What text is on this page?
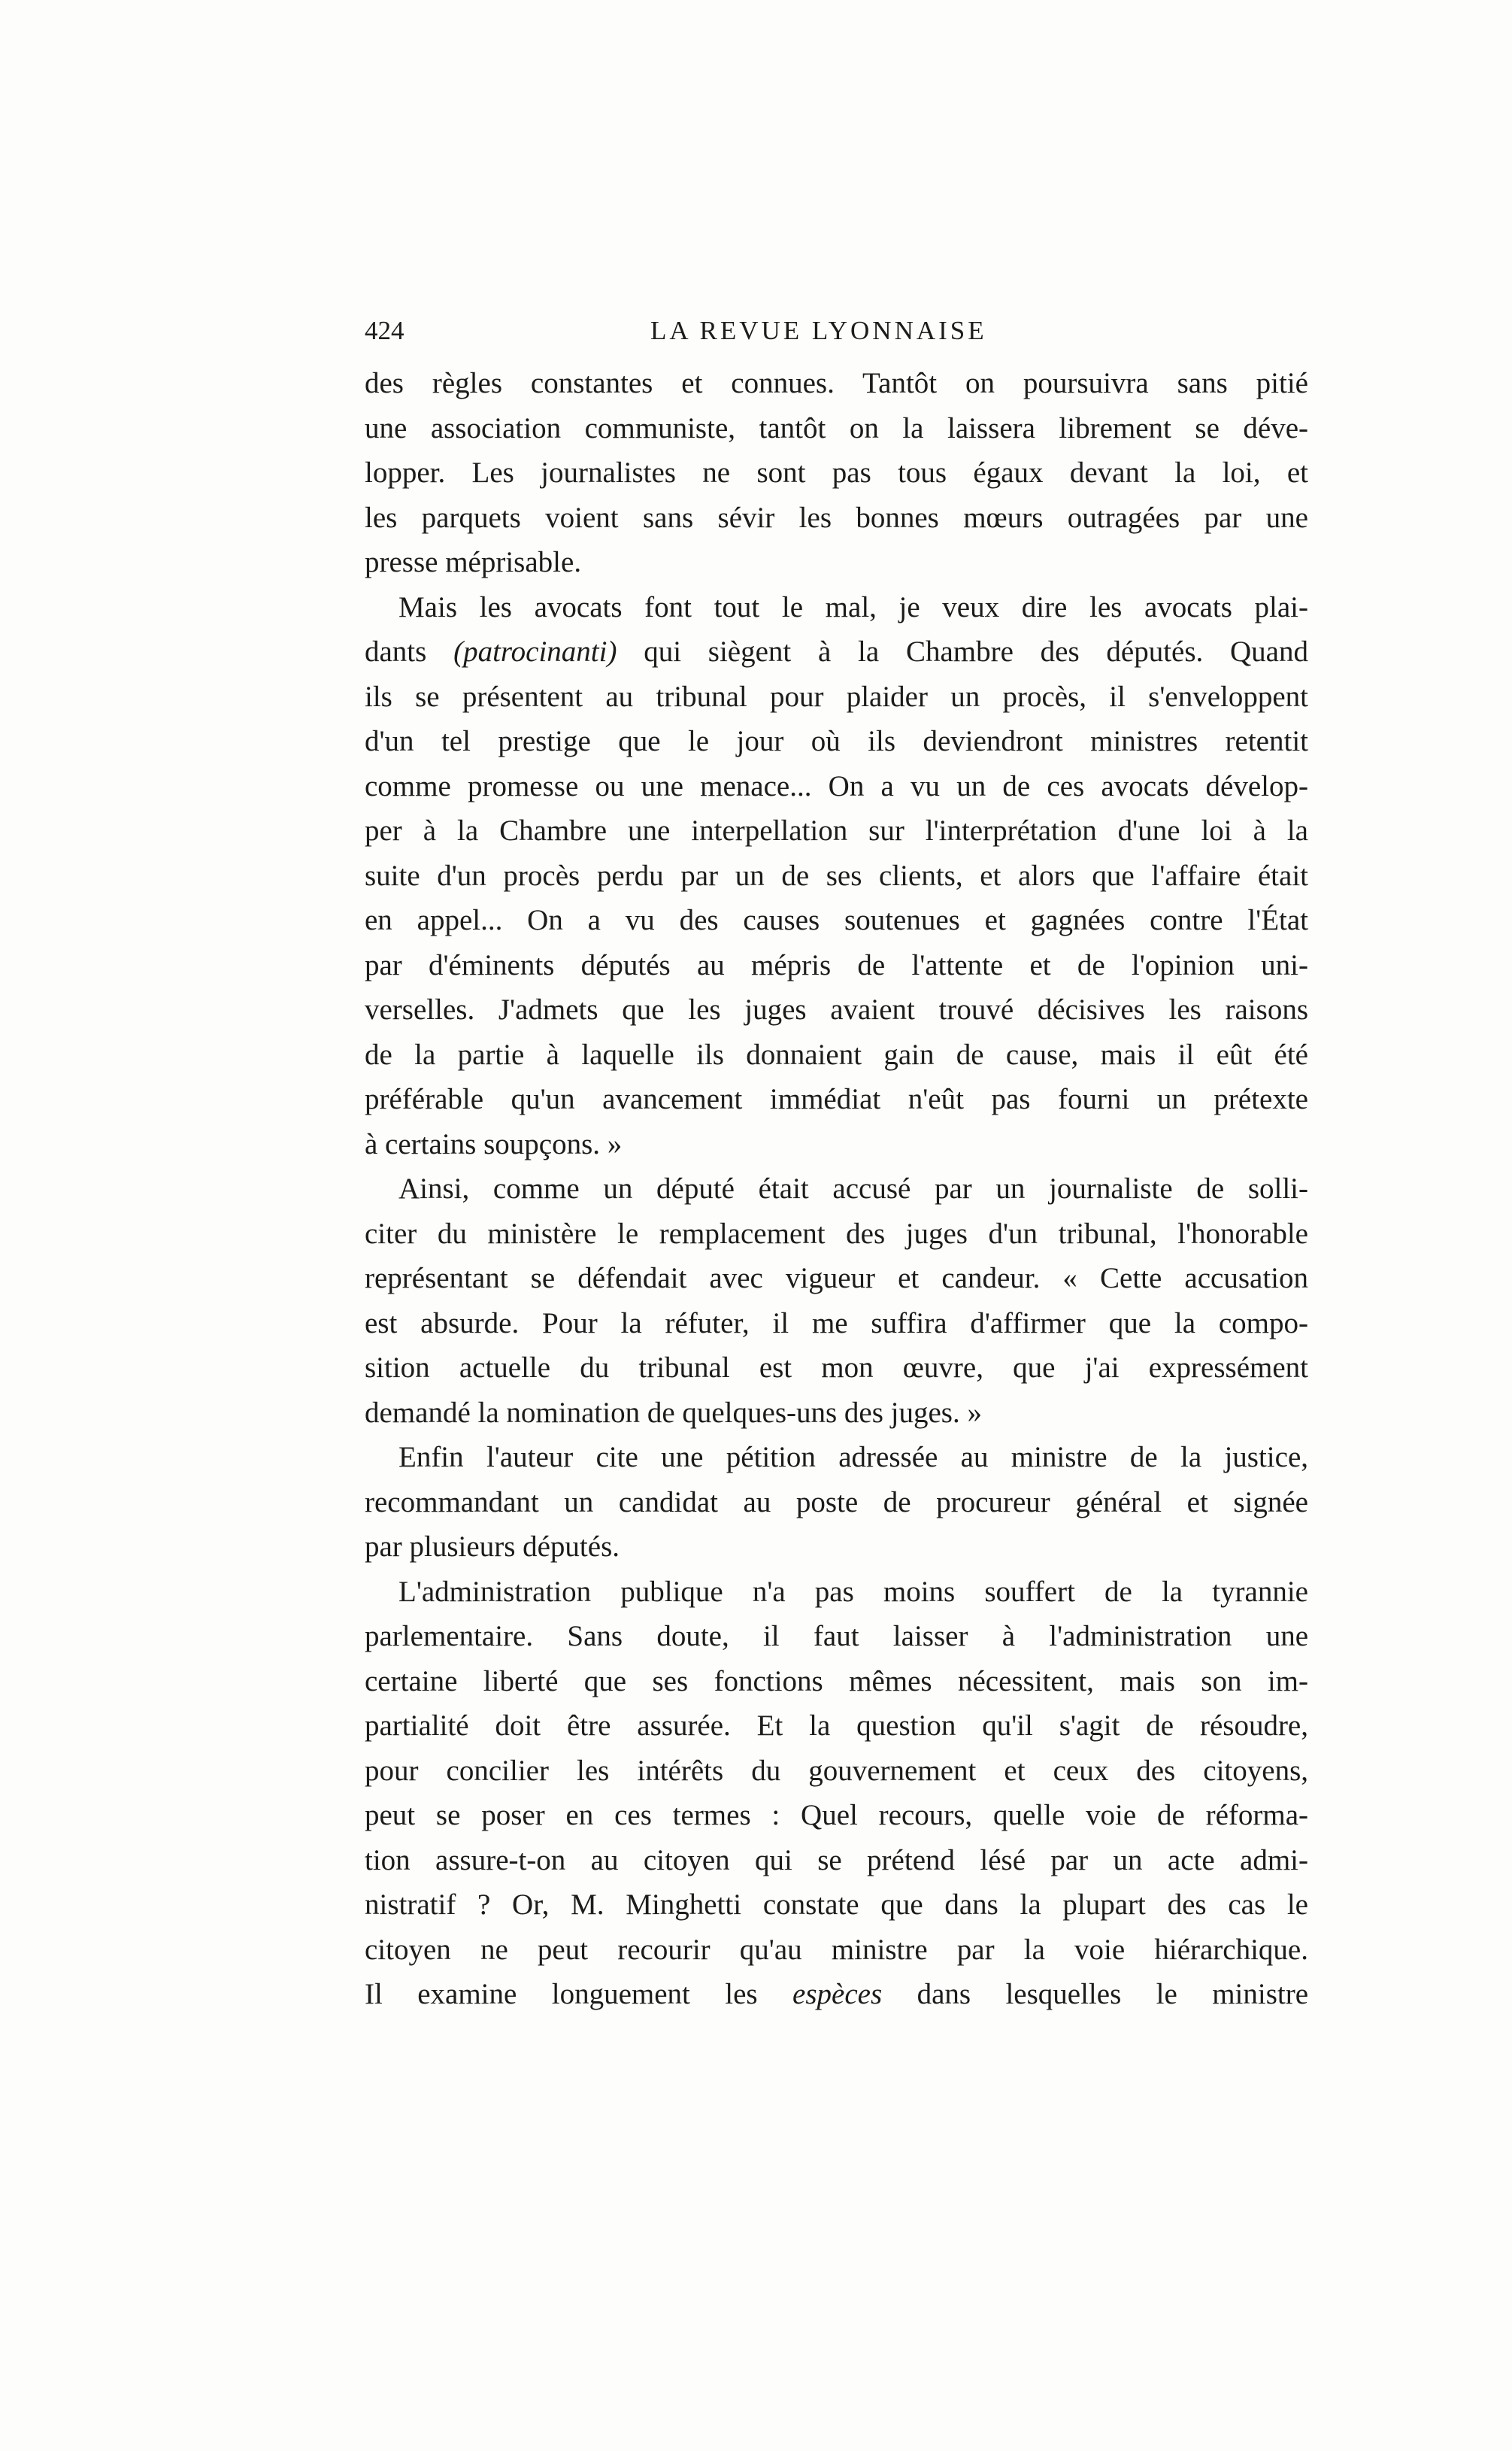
424	LA REVUE LYONNAISE
des règles constantes et connues. Tantôt on poursuivra sans pitié
une association communiste, tantôt on la laissera librement se déve-
lopper. Les journalistes ne sont pas tous égaux devant la loi, et
les parquets voient sans sévir les bonnes mœurs outragées par une
presse méprisable.
Mais les avocats font tout le mal, je veux dire les avocats plai-
dants (patrocinanti) qui siègent à la Chambre des députés. Quand
ils se présentent au tribunal pour plaider un procès, il s'enveloppent
d'un tel prestige que le jour où ils deviendront ministres retentit
comme promesse ou une menace... On a vu un de ces avocats dévelop-
per à la Chambre une interpellation sur l'interprétation d'une loi à la
suite d'un procès perdu par un de ses clients, et alors que l'affaire était
en appel... On a vu des causes soutenues et gagnées contre l'État
par d'éminents députés au mépris de l'attente et de l'opinion uni-
verselles. J'admets que les juges avaient trouvé décisives les raisons
de la partie à laquelle ils donnaient gain de cause, mais il eût été
préférable qu'un avancement immédiat n'eût pas fourni un prétexte
à certains soupçons. »
Ainsi, comme un député était accusé par un journaliste de solli-
citer du ministère le remplacement des juges d'un tribunal, l'honorable
représentant se défendait avec vigueur et candeur. « Cette accusation
est absurde. Pour la réfuter, il me suffira d'affirmer que la compo-
sition actuelle du tribunal est mon œuvre, que j'ai expressément
demandé la nomination de quelques-uns des juges. »
Enfin l'auteur cite une pétition adressée au ministre de la justice,
recommandant un candidat au poste de procureur général et signée
par plusieurs députés.
L'administration publique n'a pas moins souffert de la tyrannie
parlementaire. Sans doute, il faut laisser à l'administration une
certaine liberté que ses fonctions mêmes nécessitent, mais son im-
partialité doit être assurée. Et la question qu'il s'agit de résoudre,
pour concilier les intérêts du gouvernement et ceux des citoyens,
peut se poser en ces termes : Quel recours, quelle voie de réforma-
tion assure-t-on au citoyen qui se prétend lésé par un acte admi-
nistratif ? Or, M. Minghetti constate que dans la plupart des cas le
citoyen ne peut recourir qu'au ministre par la voie hiérarchique.
Il examine longuement les espèces dans lesquelles le ministre
